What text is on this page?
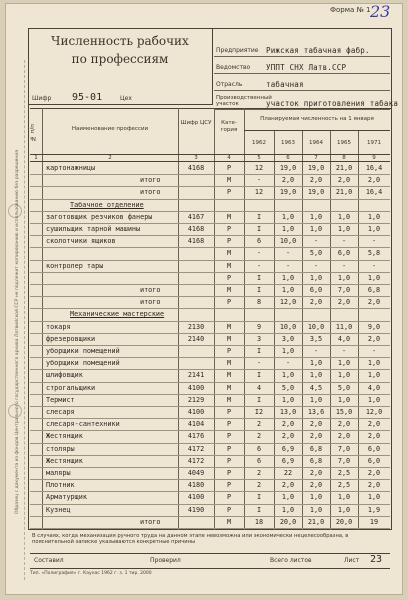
Образец с документа из фондов Центрального государственного архива Латвийской ССР не подлежит копированию и использованию без разрешения
Форма № 1 23
Численность рабочих
по профессиям
Предприятие Рижская табачная фабр.
Ведомство УППТ СНХ Латв.ССР
Отрасль	табачная
Производственный участок	участок приготовления табака
Шифр 95-01	Цех
№ п/п	Наименование профессии
Шифр ЦСУ	Кате-гория
Планируемая численность на 1 января
1962	1963	1964	1965	1971
1	2	3	4	5	6	7	8	9
картонажницы	4168	Р	12	19,0	19,0	21,0	16,4
итого	М	-	2,0	2,0	2,0	2,0
итого	Р	12	19,0	19,0	21,0	16,4
Табачное отделение
заготовщик резчиков фанеры	4167	М	I	1,0	1,0	1,0	1,0
сушильщик тарной машины	4168	Р	I	1,0	1,0	1,0	1,0
сколотчики ящиков	4168	Р	6	10,0	-	-	-
М	-	-	5,0	6,0	5,8
контролер тары	М	-	-	-	-	-
Р	I	1,0	1,0	1,0	1,0
итого	М	I	1,0	6,0	7,0	6,8
итого	Р	8	12,0	2,0	2,0	2,0
Механические мастерские
токаря	2130	М	9	10,0	10,0	11,0	9,0
фрезеровщики	2140	М	3	3,0	3,5	4,0	2,0
уборщики помещений	Р	I	1,0	-	-	-
уборщики помещений	М	-	-	1,0	1,0	1,0
шлифовщик	2141	М	I	1,0	1,0	1,0	1,0
строгальщики	4100	М	4	5,0	4,5	5,0	4,0
Термист	2129	М	I	1,0	1,0	1,0	1,0
слесаря	4100	Р	I2	13,0	13,6	15,0	12,0
слесаря-сантехники	4104	Р	2	2,0	2,0	2,0	2,0
Жестянщик	4176	Р	2	2,0	2,0	2,0	2,0
столяры	4172	Р	6	6,9	6,8	7,0	6,0
Жестянщик	4172	Р	6	6,9	6,8	7,0	6,0
маляры	4049	Р	2	22	2,0	2,5	2,0
Плотник	4180	Р	2	2,0	2,0	2,5	2,0
Арматурщик	4100	Р	I	1,0	1,0	1,0	1,0
Кузнец	4190	Р	I	1,0	1,0	1,0	1,9
итого	М	18	20,0	21,0	20,0	19
В случаях, когда механизация ручного труда на данном этапе невозможна или экономически нецелесообразна, в пояснительной записке указываются конкретные причины
Составил	Проверил	Всего листов	Лист 23
Тип. «Полиграфия» г. Каунас 1962 г. з. 1 тир. 2000
